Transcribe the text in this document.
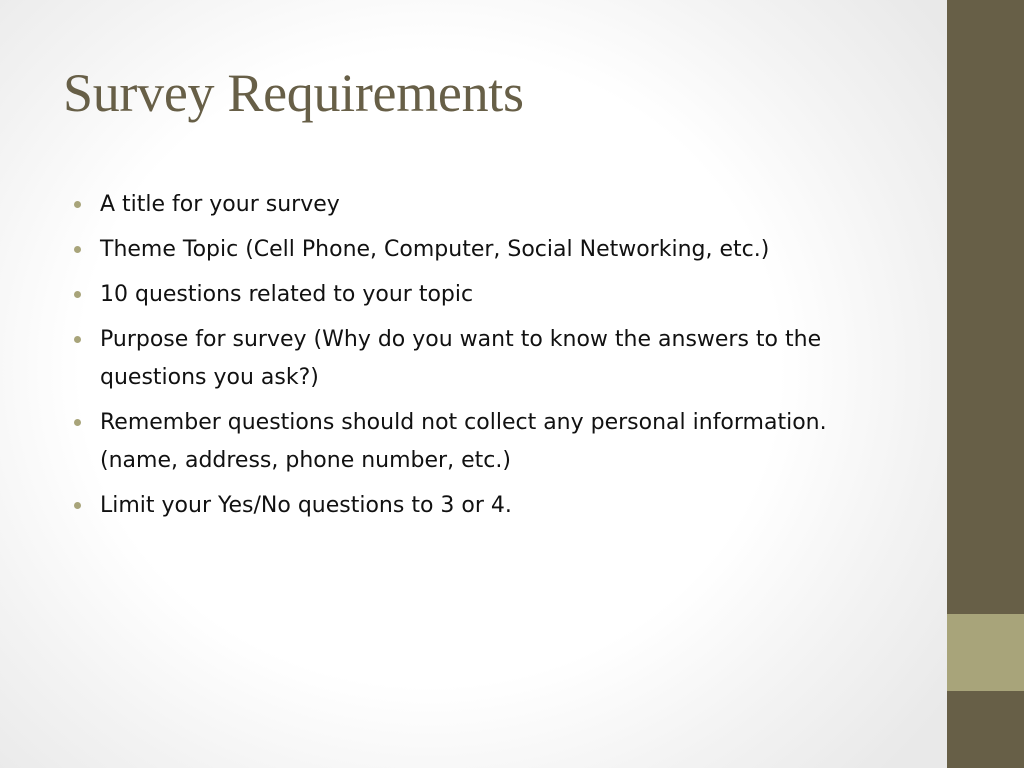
Survey Requirements
A title for your survey
Theme Topic (Cell Phone, Computer, Social Networking, etc.)
10 questions related to your topic
Purpose for survey (Why do you want to know the answers to the questions you ask?)
Remember questions should not collect any personal information.  (name, address, phone number, etc.)
Limit your Yes/No questions to 3 or 4.
